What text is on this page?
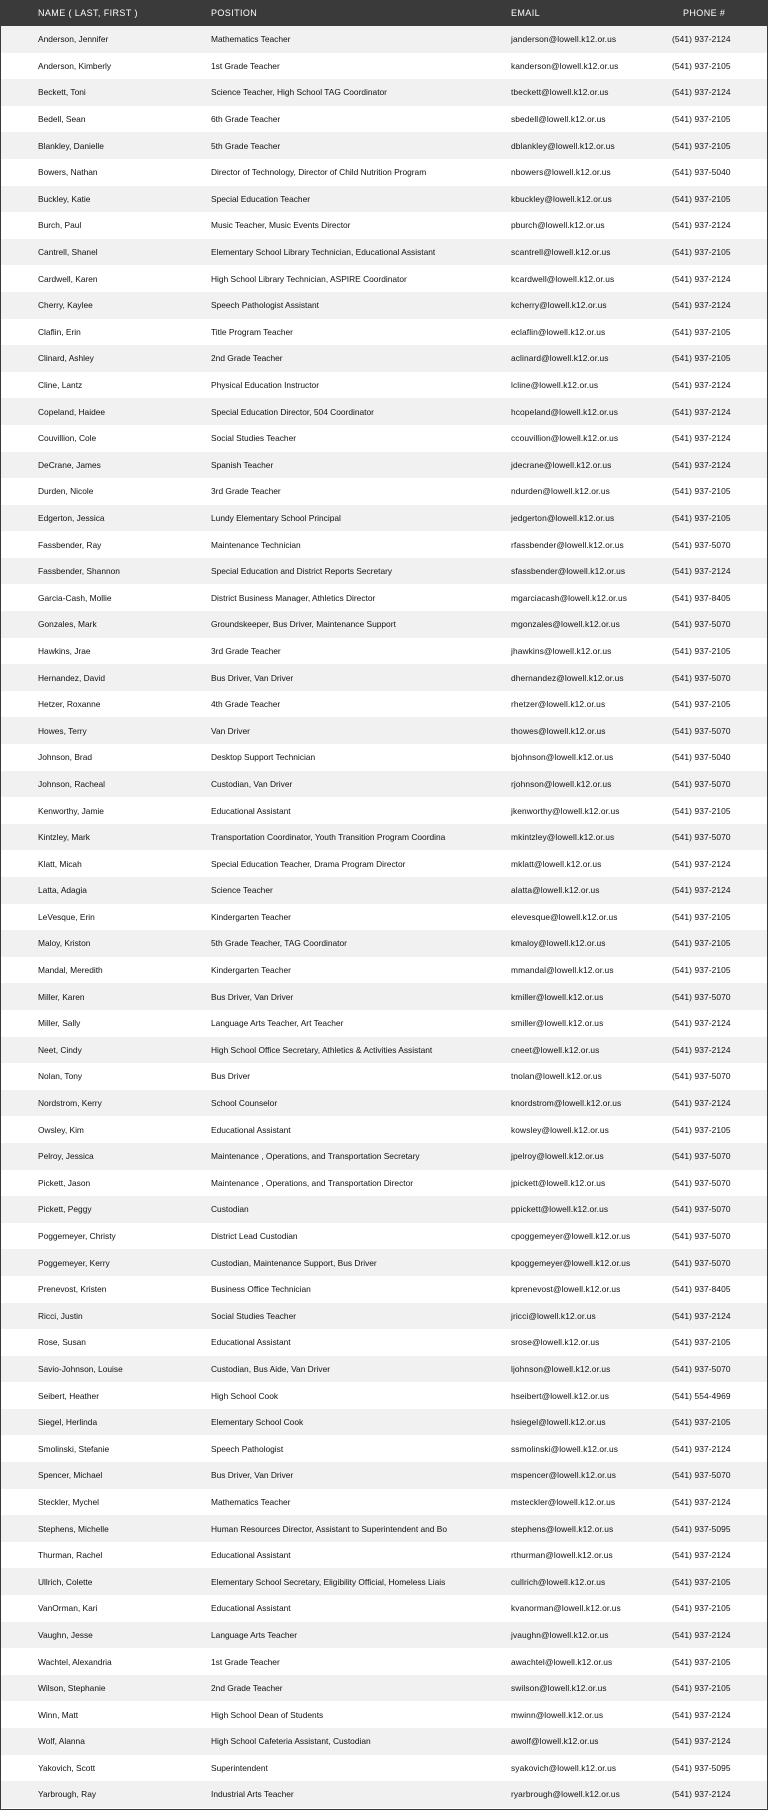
NAME ( LAST, FIRST )	POSITION	EMAIL	PHONE #
Anderson, Jennifer	Mathematics Teacher	janderson@lowell.k12.or.us	(541) 937-2124
Anderson, Kimberly	1st Grade Teacher	kanderson@lowell.k12.or.us	(541) 937-2105
Beckett, Toni	Science Teacher, High School TAG Coordinator	tbeckett@lowell.k12.or.us	(541) 937-2124
Bedell, Sean	6th Grade Teacher	sbedell@lowell.k12.or.us	(541) 937-2105
Blankley, Danielle	5th Grade Teacher	dblankley@lowell.k12.or.us	(541) 937-2105
Bowers, Nathan	Director of Technology, Director of Child Nutrition Program	nbowers@lowell.k12.or.us	(541) 937-5040
Buckley, Katie	Special Education Teacher	kbuckley@lowell.k12.or.us	(541) 937-2105
Burch, Paul	Music Teacher, Music Events Director	pburch@lowell.k12.or.us	(541) 937-2124
Cantrell, Shanel	Elementary School Library Technician, Educational Assistant	scantrell@lowell.k12.or.us	(541) 937-2105
Cardwell, Karen	High School Library Technician, ASPIRE Coordinator	kcardwell@lowell.k12.or.us	(541) 937-2124
Cherry, Kaylee	Speech Pathologist Assistant	kcherry@lowell.k12.or.us	(541) 937-2124
Claflin, Erin	Title Program Teacher	eclaflin@lowell.k12.or.us	(541) 937-2105
Clinard, Ashley	2nd Grade Teacher	aclinard@lowell.k12.or.us	(541) 937-2105
Cline, Lantz	Physical Education Instructor	lcline@lowell.k12.or.us	(541) 937-2124
Copeland, Haidee	Special Education Director, 504 Coordinator	hcopeland@lowell.k12.or.us	(541) 937-2124
Couvillion, Cole	Social Studies Teacher	ccouvillion@lowell.k12.or.us	(541) 937-2124
DeCrane, James	Spanish Teacher	jdecrane@lowell.k12.or.us	(541) 937-2124
Durden, Nicole	3rd Grade Teacher	ndurden@lowell.k12.or.us	(541) 937-2105
Edgerton, Jessica	Lundy Elementary School Principal	jedgerton@lowell.k12.or.us	(541) 937-2105
Fassbender, Ray	Maintenance Technician	rfassbender@lowell.k12.or.us	(541) 937-5070
Fassbender, Shannon	Special Education and District Reports Secretary	sfassbender@lowell.k12.or.us	(541) 937-2124
Garcia-Cash, Mollie	District Business Manager, Athletics Director	mgarciacash@lowell.k12.or.us	(541) 937-8405
Gonzales, Mark	Groundskeeper, Bus Driver, Maintenance Support	mgonzales@lowell.k12.or.us	(541) 937-5070
Hawkins, Jrae	3rd Grade Teacher	jhawkins@lowell.k12.or.us	(541) 937-2105
Hernandez, David	Bus Driver, Van Driver	dhernandez@lowell.k12.or.us	(541) 937-5070
Hetzer, Roxanne	4th Grade Teacher	rhetzer@lowell.k12.or.us	(541) 937-2105
Howes, Terry	Van Driver	thowes@lowell.k12.or.us	(541) 937-5070
Johnson, Brad	Desktop Support Technician	bjohnson@lowell.k12.or.us	(541) 937-5040
Johnson, Racheal	Custodian, Van Driver	rjohnson@lowell.k12.or.us	(541) 937-5070
Kenworthy, Jamie	Educational Assistant	jkenworthy@lowell.k12.or.us	(541) 937-2105
Kintzley, Mark	Transportation Coordinator, Youth Transition Program Coordina	mkintzley@lowell.k12.or.us	(541) 937-5070
Klatt, Micah	Special Education Teacher, Drama Program Director	mklatt@lowell.k12.or.us	(541) 937-2124
Latta, Adagia	Science Teacher	alatta@lowell.k12.or.us	(541) 937-2124
LeVesque, Erin	Kindergarten Teacher	elevesque@lowell.k12.or.us	(541) 937-2105
Maloy, Kriston	5th Grade Teacher, TAG Coordinator	kmaloy@lowell.k12.or.us	(541) 937-2105
Mandal, Meredith	Kindergarten Teacher	mmandal@lowell.k12.or.us	(541) 937-2105
Miller, Karen	Bus Driver, Van Driver	kmiller@lowell.k12.or.us	(541) 937-5070
Miller, Sally	Language Arts Teacher, Art Teacher	smiller@lowell.k12.or.us	(541) 937-2124
Neet, Cindy	High School Office Secretary, Athletics & Activities Assistant	cneet@lowell.k12.or.us	(541) 937-2124
Nolan, Tony	Bus Driver	tnolan@lowell.k12.or.us	(541) 937-5070
Nordstrom, Kerry	School Counselor	knordstrom@lowell.k12.or.us	(541) 937-2124
Owsley, Kim	Educational Assistant	kowsley@lowell.k12.or.us	(541) 937-2105
Pelroy, Jessica	Maintenance , Operations, and Transportation Secretary	jpelroy@lowell.k12.or.us	(541) 937-5070
Pickett, Jason	Maintenance , Operations, and Transportation Director	jpickett@lowell.k12.or.us	(541) 937-5070
Pickett, Peggy	Custodian	ppickett@lowell.k12.or.us	(541) 937-5070
Poggemeyer, Christy	District Lead Custodian	cpoggemeyer@lowell.k12.or.us	(541) 937-5070
Poggemeyer, Kerry	Custodian, Maintenance Support, Bus Driver	kpoggemeyer@lowell.k12.or.us	(541) 937-5070
Prenevost, Kristen	Business Office Technician	kprenevost@lowell.k12.or.us	(541) 937-8405
Ricci, Justin	Social Studies Teacher	jricci@lowell.k12.or.us	(541) 937-2124
Rose, Susan	Educational Assistant	srose@lowell.k12.or.us	(541) 937-2105
Savio-Johnson, Louise	Custodian, Bus Aide, Van Driver	ljohnson@lowell.k12.or.us	(541) 937-5070
Seibert, Heather	High School Cook	hseibert@lowell.k12.or.us	(541) 554-4969
Siegel, Herlinda	Elementary School Cook	hsiegel@lowell.k12.or.us	(541) 937-2105
Smolinski, Stefanie	Speech Pathologist	ssmolinski@lowell.k12.or.us	(541) 937-2124
Spencer, Michael	Bus Driver, Van Driver	mspencer@lowell.k12.or.us	(541) 937-5070
Steckler, Mychel	Mathematics Teacher	msteckler@lowell.k12.or.us	(541) 937-2124
Stephens, Michelle	Human Resources Director, Assistant to Superintendent and Bo	stephens@lowell.k12.or.us	(541) 937-5095
Thurman, Rachel	Educational Assistant	rthurman@lowell.k12.or.us	(541) 937-2124
Ullrich, Colette	Elementary School Secretary, Eligibility Official, Homeless Liais	cullrich@lowell.k12.or.us	(541) 937-2105
VanOrman, Kari	Educational Assistant	kvanorman@lowell.k12.or.us	(541) 937-2105
Vaughn, Jesse	Language Arts Teacher	jvaughn@lowell.k12.or.us	(541) 937-2124
Wachtel, Alexandria	1st Grade Teacher	awachtel@lowell.k12.or.us	(541) 937-2105
Wilson, Stephanie	2nd Grade Teacher	swilson@lowell.k12.or.us	(541) 937-2105
Winn, Matt	High School Dean of Students	mwinn@lowell.k12.or.us	(541) 937-2124
Wolf, Alanna	High School Cafeteria Assistant, Custodian	awolf@lowell.k12.or.us	(541) 937-2124
Yakovich, Scott	Superintendent	syakovich@lowell.k12.or.us	(541) 937-5095
Yarbrough, Ray	Industrial Arts Teacher	ryarbrough@lowell.k12.or.us	(541) 937-2124
